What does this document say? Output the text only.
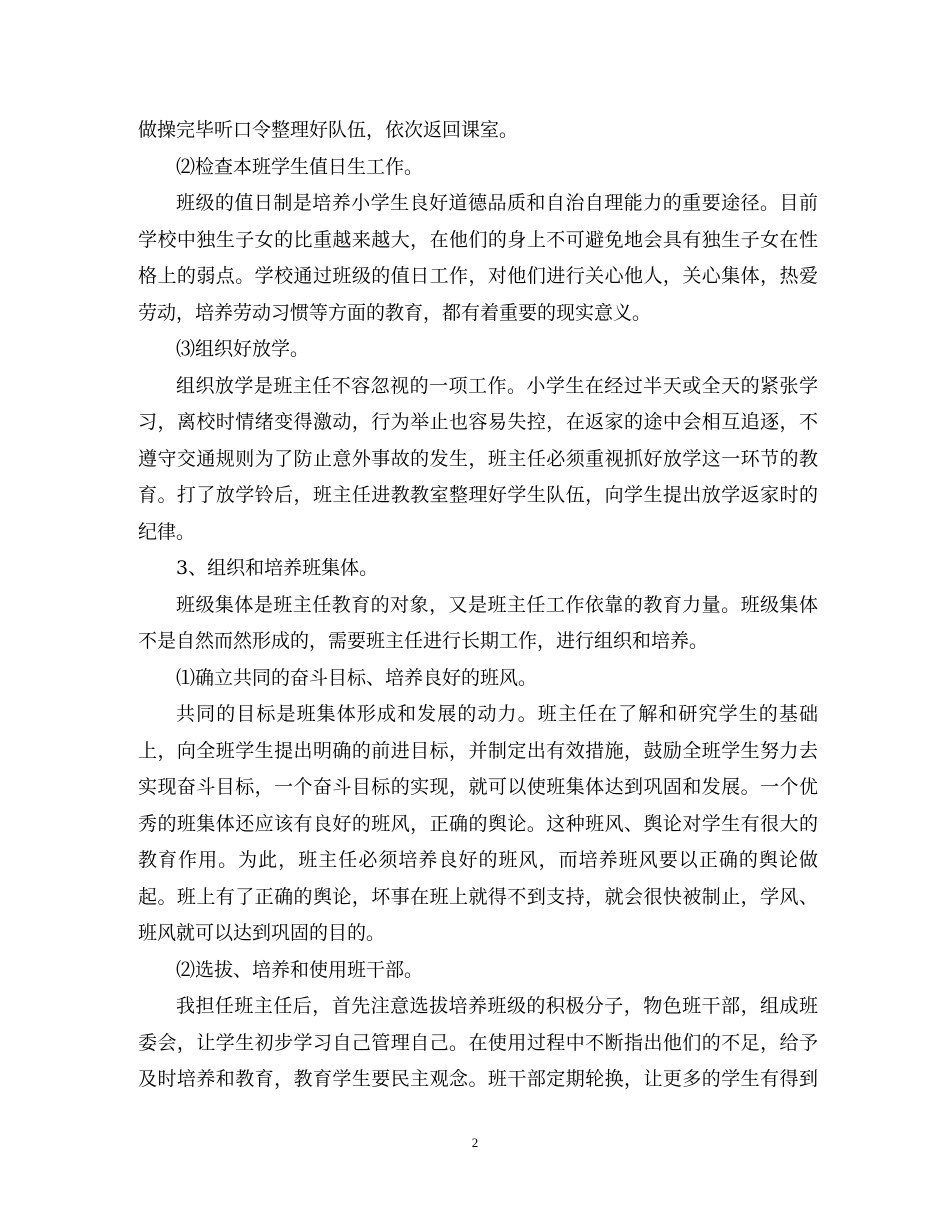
做操完毕听口令整理好队伍，依次返回课室。
⑵检查本班学生值日生工作。
班级的值日制是培养小学生良好道德品质和自治自理能力的重要途径。目前
学校中独生子女的比重越来越大，在他们的身上不可避免地会具有独生子女在性
格上的弱点。学校通过班级的值日工作，对他们进行关心他人，关心集体，热爱
劳动，培养劳动习惯等方面的教育，都有着重要的现实意义。
⑶组织好放学。
组织放学是班主任不容忽视的一项工作。小学生在经过半天或全天的紧张学
习，离校时情绪变得激动，行为举止也容易失控，在返家的途中会相互追逐，不
遵守交通规则为了防止意外事故的发生，班主任必须重视抓好放学这一环节的教
育。打了放学铃后，班主任进教教室整理好学生队伍，向学生提出放学返家时的
纪律。
3、组织和培养班集体。
班级集体是班主任教育的对象，又是班主任工作依靠的教育力量。班级集体
不是自然而然形成的，需要班主任进行长期工作，进行组织和培养。
⑴确立共同的奋斗目标、培养良好的班风。
共同的目标是班集体形成和发展的动力。班主任在了解和研究学生的基础
上，向全班学生提出明确的前进目标，并制定出有效措施，鼓励全班学生努力去
实现奋斗目标，一个奋斗目标的实现，就可以使班集体达到巩固和发展。一个优
秀的班集体还应该有良好的班风，正确的舆论。这种班风、舆论对学生有很大的
教育作用。为此，班主任必须培养良好的班风，而培养班风要以正确的舆论做
起。班上有了正确的舆论，坏事在班上就得不到支持，就会很快被制止，学风、
班风就可以达到巩固的目的。
⑵选拔、培养和使用班干部。
我担任班主任后，首先注意选拔培养班级的积极分子，物色班干部，组成班
委会，让学生初步学习自己管理自己。在使用过程中不断指出他们的不足，给予
及时培养和教育，教育学生要民主观念。班干部定期轮换，让更多的学生有得到
2
